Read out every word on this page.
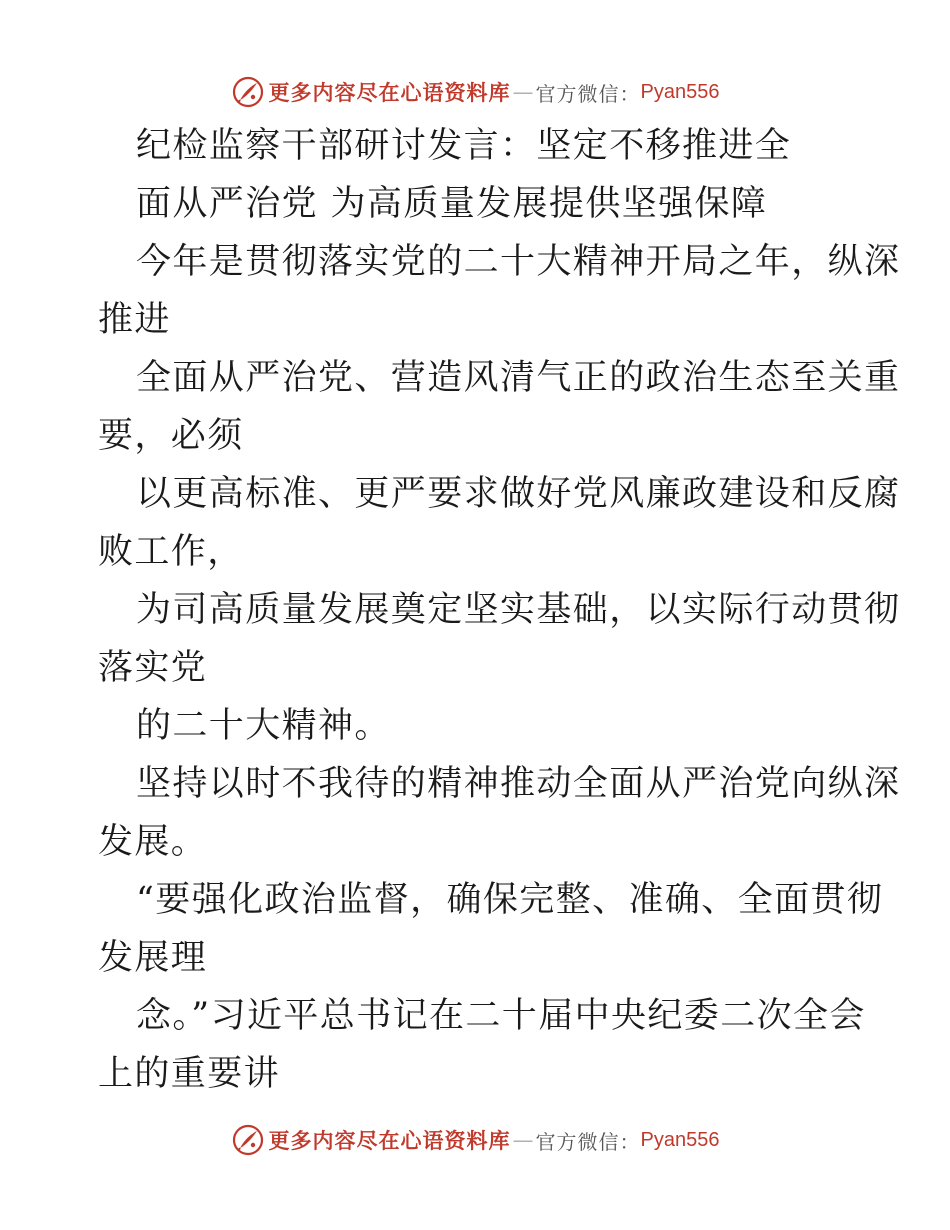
更多内容尽在心语资料库 — 官方微信： Pyan556
纪检监察干部研讨发言：坚定不移推进全
面从严治党 为高质量发展提供坚强保障
今年是贯彻落实党的二十大精神开局之年，纵深
推进
全面从严治党、营造风清气正的政治生态至关重
要，必须
以更高标准、更严要求做好党风廉政建设和反腐
败工作，
为司高质量发展奠定坚实基础，以实际行动贯彻
落实党
的二十大精神。
坚持以时不我待的精神推动全面从严治党向纵深
发展。
“要强化政治监督，确保完整、准确、全面贯彻
发展理
念。”习近平总书记在二十届中央纪委二次全会
上的重要讲
更多内容尽在心语资料库 — 官方微信： Pyan556
